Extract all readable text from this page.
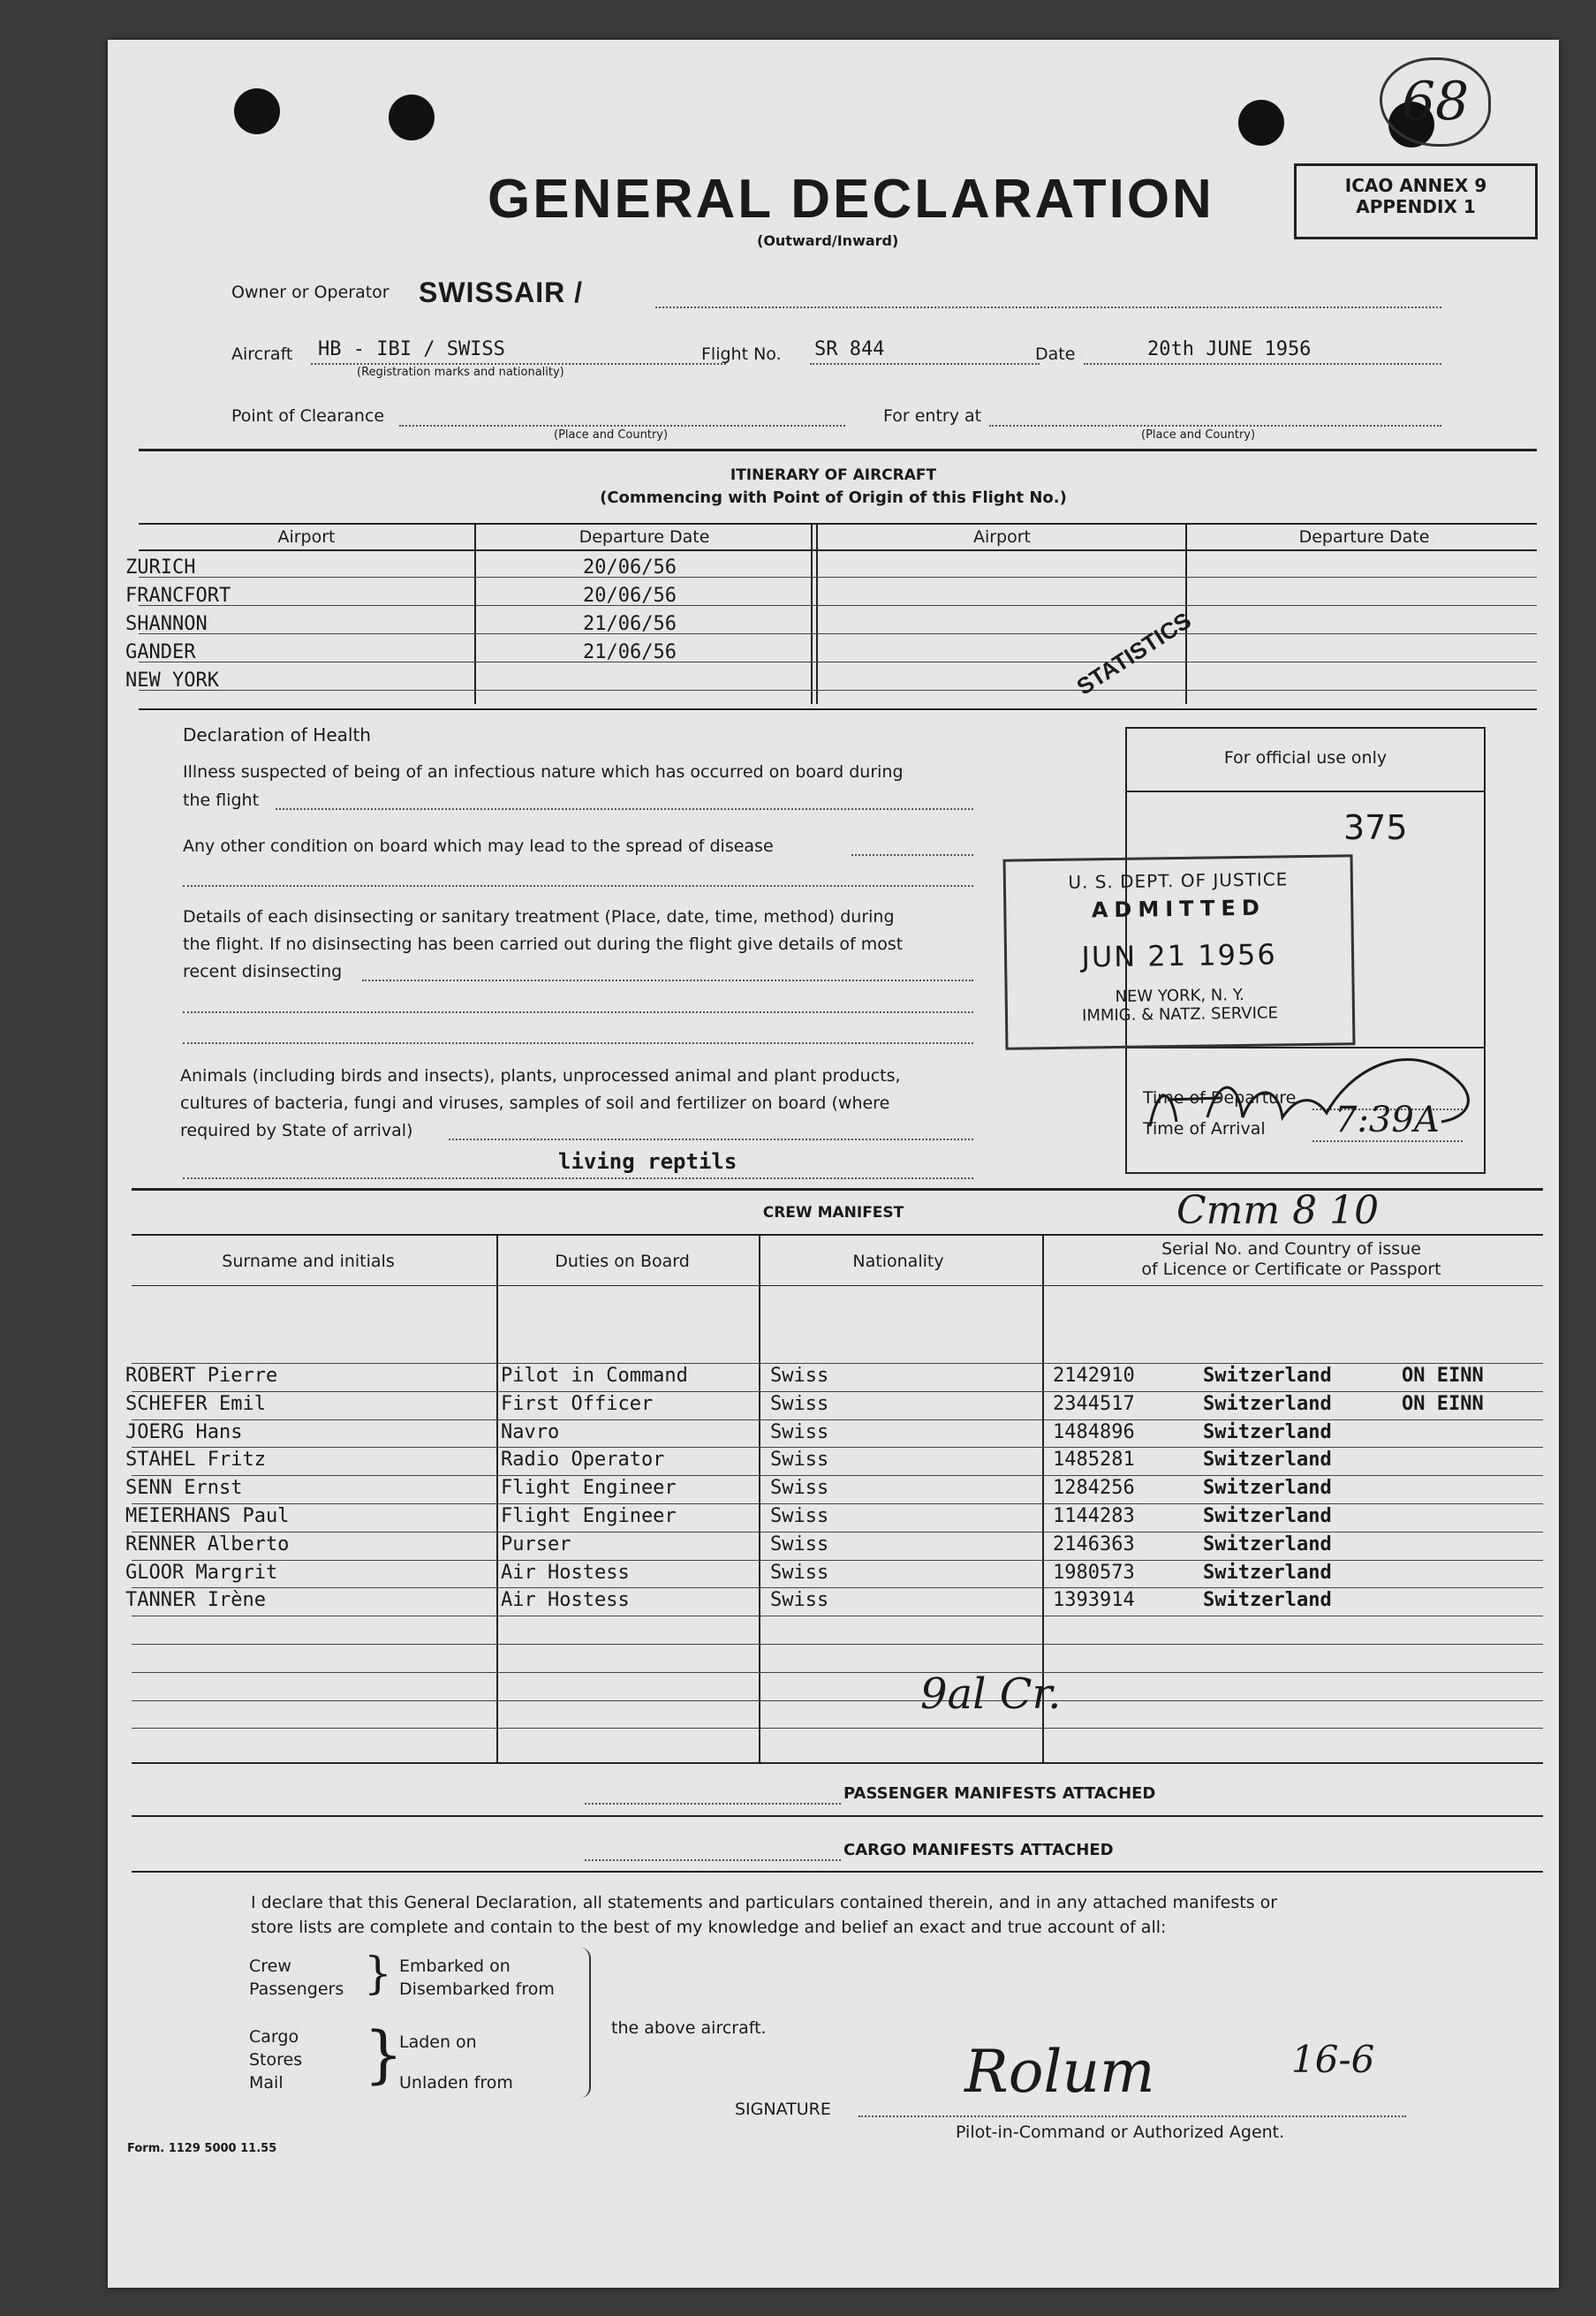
68
GENERAL DECLARATION
(Outward/Inward)
ICAO ANNEX 9
APPENDIX 1
Owner or Operator SWISSAIR /
Aircraft HB - IBI / SWISS
(Registration marks and nationality)
Flight No. SR 844	Date	20th JUNE 1956
Point of Clearance
(Place and Country)
For entry at
(Place and Country)
ITINERARY OF AIRCRAFT
(Commencing with Point of Origin of this Flight No.)
Airport	Departure Date	Airport	Departure Date
ZURICH	20/06/56
FRANCFORT	20/06/56
SHANNON	21/06/56
GANDER	21/06/56
NEW YORK	STATISTICS
Declaration of Health
Illness suspected of being of an infectious nature which has occurred on board during
the flight
Any other condition on board which may lead to the spread of disease
Details of each disinsecting or sanitary treatment (Place, date, time, method) during
the flight. If no disinsecting has been carried out during the flight give details of most
recent disinsecting
Animals (including birds and insects), plants, unprocessed animal and plant products,
cultures of bacteria, fungi and viruses, samples of soil and fertilizer on board (where
required by State of arrival)
living reptils
For official use only
375
Time of Departure
Time of Arrival 7:39A
U. S. DEPT. OF JUSTICE
ADMITTED
JUN 21 1956
NEW YORK, N. Y.
IMMIG. & NATZ. SERVICE
CREW MANIFEST	Cmm 8 10
Surname and initials	Duties on Board	Nationality
Serial No. and Country of issue
of Licence or Certificate or Passport
ROBERT Pierre	Pilot in Command	Swiss	2142910	Switzerland	ON EINN
SCHEFER Emil	First Officer	Swiss	2344517	Switzerland	ON EINN
JOERG Hans	Navro	Swiss	1484896	Switzerland
STAHEL Fritz	Radio Operator	Swiss	1485281	Switzerland
SENN Ernst	Flight Engineer	Swiss	1284256	Switzerland
MEIERHANS Paul	Flight Engineer	Swiss	1144283	Switzerland
RENNER Alberto	Purser	Swiss	2146363	Switzerland
GLOOR Margrit	Air Hostess	Swiss	1980573	Switzerland
TANNER Irène	Air Hostess	Swiss	1393914	Switzerland
9al Cr.
PASSENGER MANIFESTS ATTACHED
CARGO MANIFESTS ATTACHED
I declare that this General Declaration, all statements and particulars contained therein, and in any attached manifests or
store lists are complete and contain to the best of my knowledge and belief an exact and true account of all:
Crew
Passengers } Embarked on
Disembarked from
Cargo
Stores
Mail }
Laden on
Unladen from
the above aircraft.
SIGNATURE
Rolum	16-6
Pilot-in-Command or Authorized Agent.
Form. 1129 5000 11.55
